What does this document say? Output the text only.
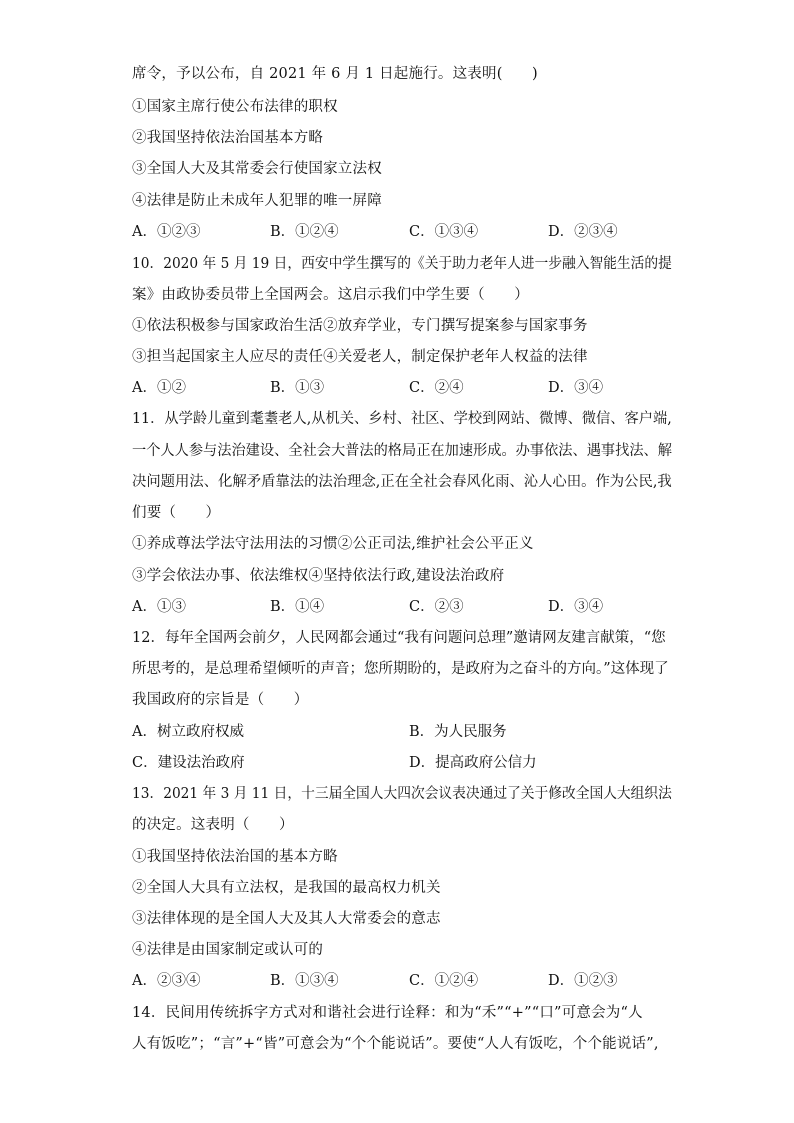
席令，予以公布，自 2021 年 6 月 1 日起施行。这表明(　　)
①国家主席行使公布法律的职权
②我国坚持依法治国基本方略
③全国人大及其常委会行使国家立法权
④法律是防止未成年人犯罪的唯一屏障
A．①②③	B．①②④	C．①③④	D．②③④
10．2020 年 5 月 19 日，西安中学生撰写的《关于助力老年人进一步融入智能生活的提
案》由政协委员带上全国两会。这启示我们中学生要（　　）
①依法积极参与国家政治生活②放弃学业，专门撰写提案参与国家事务
③担当起国家主人应尽的责任④关爱老人，制定保护老年人权益的法律
A．①②	B．①③	C．②④	D．③④
11．从学龄儿童到耄耋老人,从机关、乡村、社区、学校到网站、微博、微信、客户端,
一个人人参与法治建设、全社会大普法的格局正在加速形成。办事依法、遇事找法、解
决问题用法、化解矛盾靠法的法治理念,正在全社会春风化雨、沁人心田。作为公民,我
们要（　　）
①养成尊法学法守法用法的习惯②公正司法,维护社会公平正义
③学会依法办事、依法维权④坚持依法行政,建设法治政府
A．①③	B．①④	C．②③	D．③④
12．每年全国两会前夕，人民网都会通过“我有问题问总理”邀请网友建言献策，“您
所思考的，是总理希望倾听的声音；您所期盼的，是政府为之奋斗的方向。”这体现了
我国政府的宗旨是（　　）
A．树立政府权威	B．为人民服务
C．建设法治政府	D．提高政府公信力
13．2021 年 3 月 11 日，十三届全国人大四次会议表决通过了关于修改全国人大组织法
的决定。这表明（　　）
①我国坚持依法治国的基本方略
②全国人大具有立法权，是我国的最高权力机关
③法律体现的是全国人大及其人大常委会的意志
④法律是由国家制定或认可的
A．②③④	B．①③④	C．①②④	D．①②③
14．民间用传统拆字方式对和谐社会进行诠释：和为“禾”“+”“口”可意会为“人
人有饭吃”；“言”+“皆”可意会为“个个能说话”。要使“人人有饭吃，个个能说话”,
